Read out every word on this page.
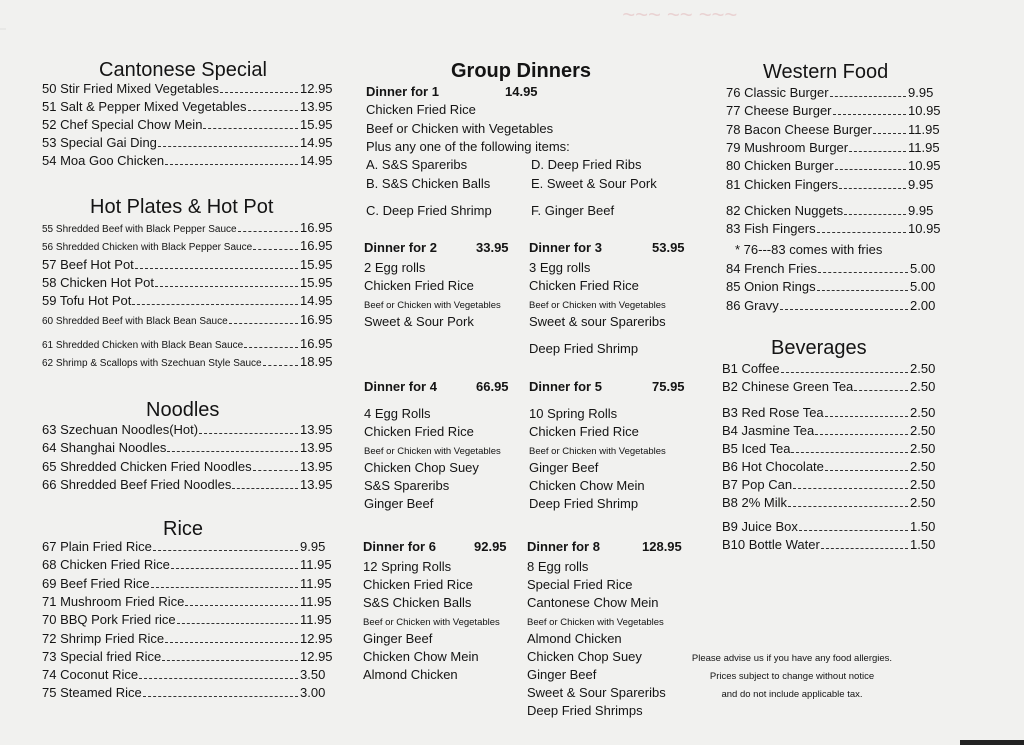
~~~ ~~ ~~~
Cantonese Special
50 Stir Fried Mixed Vegetables	12.95
51 Salt & Pepper Mixed Vegetables	13.95
52 Chef Special Chow Mein	15.95
53 Special Gai Ding	14.95
54 Moa Goo Chicken	14.95
Hot Plates & Hot Pot
55 Shredded Beef with Black Pepper Sauce	16.95
56 Shredded Chicken with Black Pepper Sauce	16.95
57 Beef Hot Pot	15.95
58 Chicken Hot Pot	15.95
59 Tofu Hot Pot	14.95
60 Shredded Beef with Black Bean Sauce	16.95
61 Shredded Chicken with Black Bean Sauce	16.95
62 Shrimp & Scallops with Szechuan Style Sauce	18.95
Noodles
63 Szechuan Noodles(Hot)	13.95
64 Shanghai Noodles	13.95
65 Shredded Chicken Fried Noodles	13.95
66 Shredded Beef Fried Noodles	13.95
Rice
67 Plain Fried Rice	9.95
68 Chicken Fried Rice	11.95
69 Beef Fried Rice	11.95
71 Mushroom Fried Rice	11.95
70 BBQ Pork Fried rice	11.95
72 Shrimp Fried Rice	12.95
73 Special fried Rice	12.95
74 Coconut Rice	3.50
75 Steamed Rice	3.00
Group Dinners
Dinner for 1	14.95
Chicken Fried Rice
Beef or Chicken with Vegetables
Plus any one of the following items:
A. S&S Spareribs	D. Deep Fried Ribs
B. S&S Chicken Balls	E. Sweet & Sour Pork
C. Deep Fried Shrimp	F. Ginger Beef
Dinner for 2	33.95
2 Egg rolls
Chicken Fried Rice
Beef or Chicken with Vegetables
Sweet & Sour Pork
Dinner for 3	53.95
3 Egg rolls
Chicken Fried Rice
Beef or Chicken with Vegetables
Sweet & sour Spareribs
Deep Fried Shrimp
Dinner for 4	66.95
4 Egg Rolls
Chicken Fried Rice
Beef or Chicken with Vegetables
Chicken Chop Suey
S&S Spareribs
Ginger Beef
Dinner for 5	75.95
10 Spring Rolls
Chicken Fried Rice
Beef or Chicken with Vegetables
Ginger Beef
Chicken Chow Mein
Deep Fried Shrimp
Dinner for 6	92.95
12 Spring Rolls
Chicken Fried Rice
S&S Chicken Balls
Beef or Chicken with Vegetables
Ginger Beef
Chicken Chow Mein
Almond Chicken
Dinner for 8	128.95
8 Egg rolls
Special Fried Rice
Cantonese Chow Mein
Beef or Chicken with Vegetables
Almond Chicken
Chicken Chop Suey
Ginger Beef
Sweet & Sour Spareribs
Deep Fried Shrimps
Western Food
76 Classic Burger	9.95
77 Cheese Burger	10.95
78 Bacon Cheese Burger	11.95
79 Mushroom Burger	11.95
80 Chicken Burger	10.95
81 Chicken Fingers	9.95
82 Chicken Nuggets	9.95
83 Fish Fingers	10.95
* 76---83 comes with fries
84 French Fries	5.00
85 Onion Rings	5.00
86 Gravy	2.00
Beverages
B1 Coffee	2.50
B2 Chinese Green Tea	2.50
B3 Red Rose Tea	2.50
B4 Jasmine Tea	2.50
B5 Iced Tea	2.50
B6 Hot Chocolate	2.50
B7 Pop Can	2.50
B8 2% Milk	2.50
B9 Juice Box	1.50
B10 Bottle Water	1.50
Please advise us if you have any food allergies.
Prices subject to change without notice
and do not include applicable tax.
